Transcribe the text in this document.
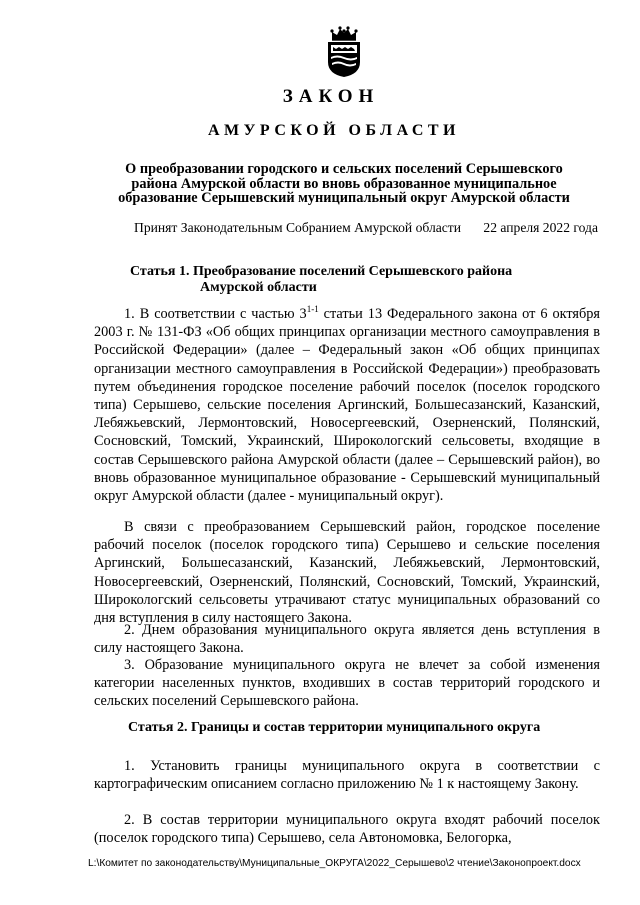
ЗАКОН
АМУРСКОЙ ОБЛАСТИ
О преобразовании городского и сельских поселений Серышевского района Амурской области во вновь образованное муниципальное образование Серышевский муниципальный округ Амурской области
Принят Законодательным Собранием Амурской области 22 апреля 2022 года
Статья 1. Преобразование поселений Серышевского района
Амурской области

1. В соответствии с частью 3$^{1-1}$ статьи 13 Федерального закона от 6 октября 2003 г. № 131-ФЗ «Об общих принципах организации местного самоуправления в Российской Федерации» (далее – Федеральный закон «Об общих принципах организации местного самоуправления в Российской Федерации») преобразовать путем объединения городское поселение рабочий поселок (поселок городского типа) Серышево, сельские поселения Аргинский, Большесазанский, Казанский, Лебяжьевский, Лермонтовский, Новосергеевский, Озерненский, Полянский, Сосновский, Томский, Украинский, Широкологский сельсоветы, входящие в состав Серышевского района Амурской области (далее – Серышевский район), во вновь образованное муниципальное образование - Серышевский муниципальный округ Амурской области (далее - муниципальный округ).

В связи с преобразованием Серышевский район, городское поселение рабочий поселок (поселок городского типа) Серышево и сельские поселения Аргинский, Большесазанский, Казанский, Лебяжьевский, Лермонтовский, Новосергеевский, Озерненский, Полянский, Сосновский, Томский, Украинский, Широкологский сельсоветы утрачивают статус муниципальных образований со дня вступления в силу настоящего Закона.

2. Днем образования муниципального округа является день вступления в силу настоящего Закона.

3. Образование муниципального округа не влечет за собой изменения категории населенных пунктов, входивших в состав территорий городского и сельских поселений Серышевского района.

Статья 2. Границы и состав территории муниципального округа

1. Установить границы муниципального округа в соответствии с картографическим описанием согласно приложению № 1 к настоящему Закону.

2. В состав территории муниципального округа входят рабочий поселок (поселок городского типа) Серышево, села Автономовка, Белогорка,

L:\Комитет по законодательству\Муниципальные_ОКРУГА\2022_Серышево\2 чтение\Законопроект.docx
